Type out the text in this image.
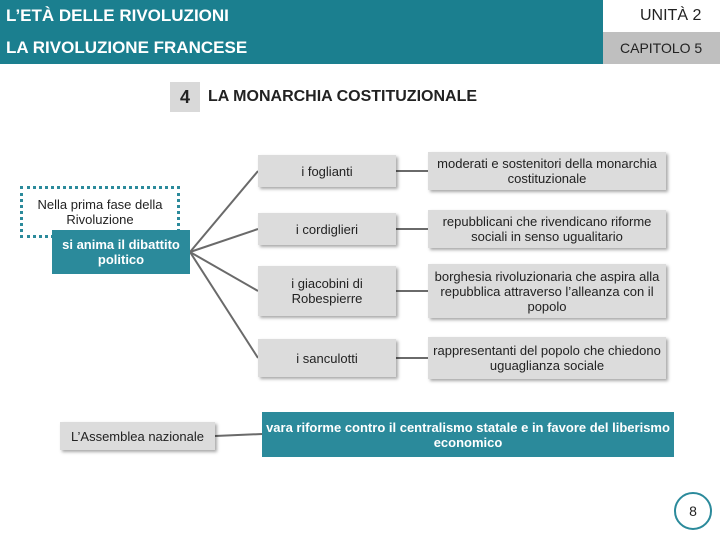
L’ETÀ DELLE RIVOLUZIONI
LA RIVOLUZIONE FRANCESE
UNITÀ 2
CAPITOLO 5
4	LA MONARCHIA COSTITUZIONALE
Nella prima fase della Rivoluzione
si anima il dibattito politico
L’Assemblea nazionale
i foglianti
i cordiglieri
i giacobini di Robespierre
i sanculotti
moderati e sostenitori della monarchia costituzionale
repubblicani che rivendicano riforme sociali in senso ugualitario
borghesia rivoluzionaria che aspira alla repubblica attraverso l’alleanza con il popolo
rappresentanti del popolo che chiedono uguaglianza sociale
vara riforme contro il centralismo statale e in favore del liberismo economico
8
